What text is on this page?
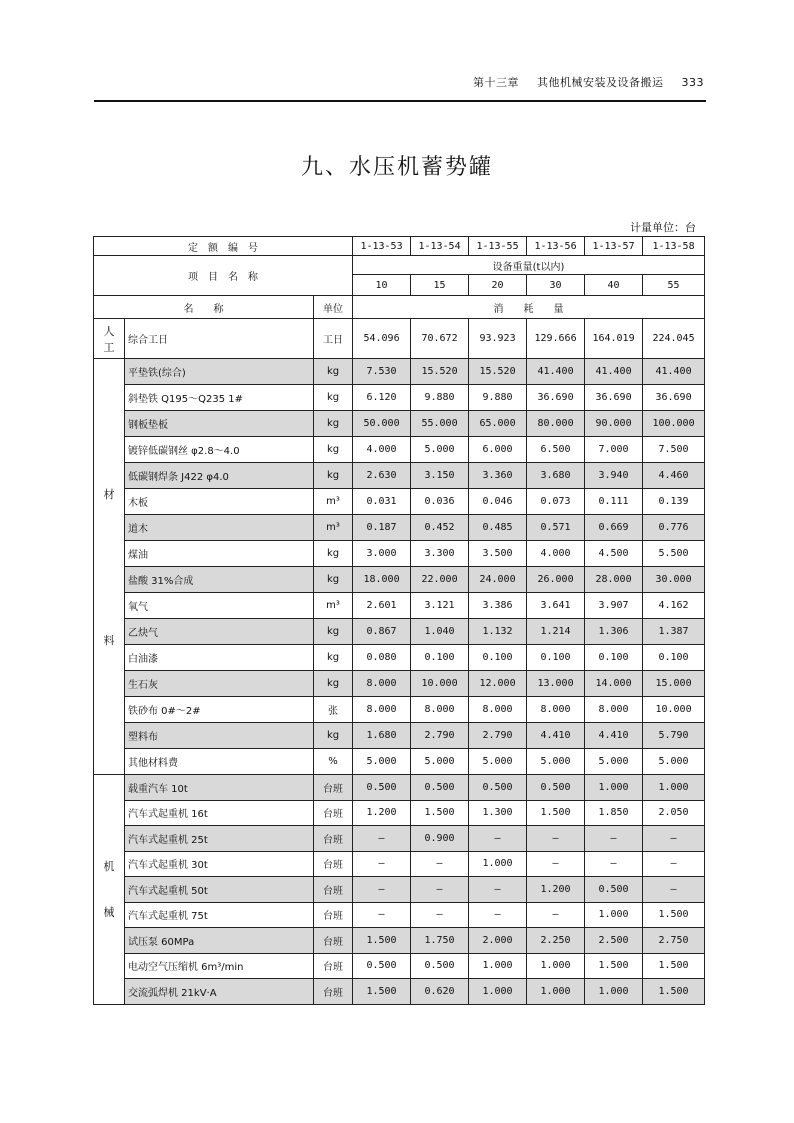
第十三章 其他机械安装及设备搬运 333
九、水压机蓄势罐
计量单位：台
定　额　编　号			1-13-53	1-13-54	1-13-55	1-13-56	1-13-57	1-13-58
项　目　名　称			设备重量(t以内)					
			10	15	20	30	40	55
名　　称		单位	消　　耗　　量					

人
工	综合工日	工日	54.096	70.672	93.923	129.666	164.019	224.045

材
料	平垫铁(综合)	kg	7.530	15.520	15.520	41.400	41.400	41.400
	斜垫铁 Q195～Q235 1#	kg	6.120	9.880	9.880	36.690	36.690	36.690
	钢板垫板	kg	50.000	55.000	65.000	80.000	90.000	100.000
	镀锌低碳钢丝 φ2.8～4.0	kg	4.000	5.000	6.000	6.500	7.000	7.500
	低碳钢焊条 J422 φ4.0	kg	2.630	3.150	3.360	3.680	3.940	4.460
	木板	m³	0.031	0.036	0.046	0.073	0.111	0.139
	道木	m³	0.187	0.452	0.485	0.571	0.669	0.776
	煤油	kg	3.000	3.300	3.500	4.000	4.500	5.500
	盐酸 31%合成	kg	18.000	22.000	24.000	26.000	28.000	30.000
	氧气	m³	2.601	3.121	3.386	3.641	3.907	4.162
	乙炔气	kg	0.867	1.040	1.132	1.214	1.306	1.387
	白油漆	kg	0.080	0.100	0.100	0.100	0.100	0.100
	生石灰	kg	8.000	10.000	12.000	13.000	14.000	15.000
	铁砂布 0#～2#	张	8.000	8.000	8.000	8.000	8.000	10.000
	塑料布	kg	1.680	2.790	2.790	4.410	4.410	5.790
	其他材料费	%	5.000	5.000	5.000	5.000	5.000	5.000

机
械	载重汽车 10t	台班	0.500	0.500	0.500	0.500	1.000	1.000
	汽车式起重机 16t	台班	1.200	1.500	1.300	1.500	1.850	2.050
	汽车式起重机 25t	台班	—	0.900	—	—	—	—
	汽车式起重机 30t	台班	—	—	1.000	—	—	—
	汽车式起重机 50t	台班	—	—	—	1.200	0.500	—
	汽车式起重机 75t	台班	—	—	—	—	1.000	1.500
	试压泵 60MPa	台班	1.500	1.750	2.000	2.250	2.500	2.750
	电动空气压缩机 6m³/min	台班	0.500	0.500	1.000	1.000	1.500	1.500
	交流弧焊机 21kV·A	台班	1.500	0.620	1.000	1.000	1.000	1.500
